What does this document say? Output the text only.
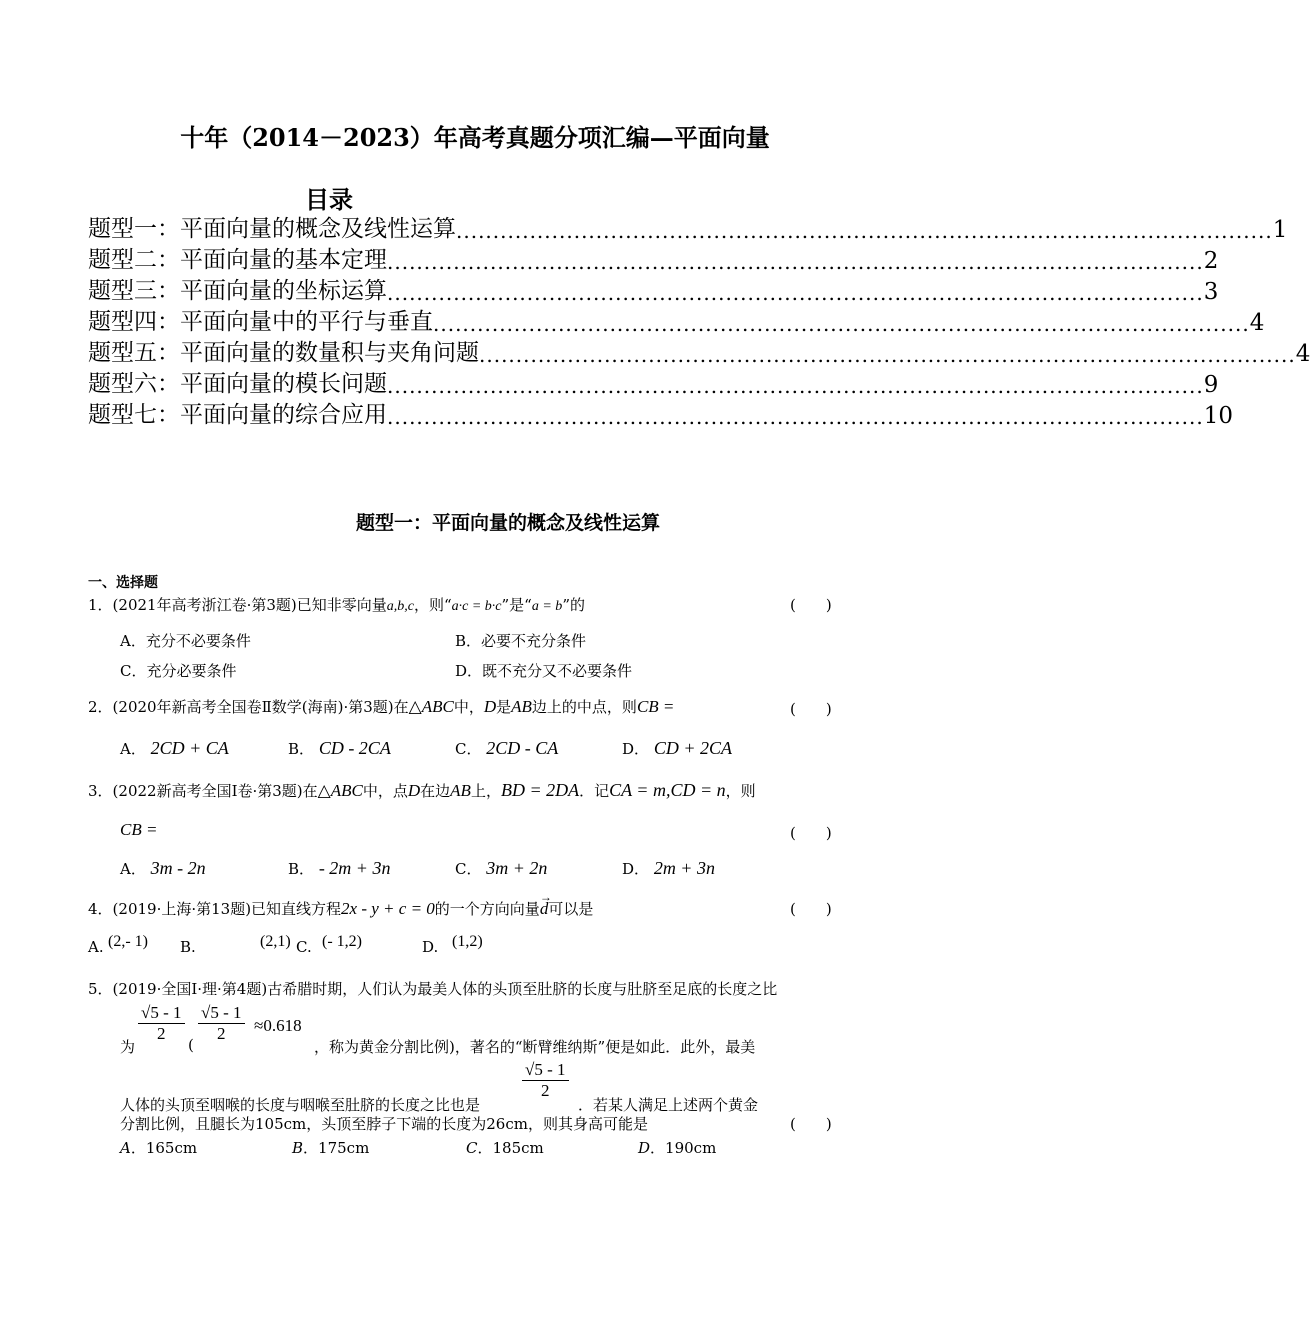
十年（2014－2023）年高考真题分项汇编—平面向量
目录
题型一：平面向量的概念及线性运算 ............................................................................................................... 1
题型二：平面向量的基本定理 ............................................................................................................... 2
题型三：平面向量的坐标运算 ............................................................................................................... 3
题型四：平面向量中的平行与垂直 ............................................................................................................... 4
题型五：平面向量的数量积与夹角问题 ............................................................................................................... 4
题型六：平面向量的模长问题 ............................................................................................................... 9
题型七：平面向量的综合应用 ............................................................................................................... 10
题型一：平面向量的概念及线性运算
一、选择题
1．(2021年高考浙江卷·第3题)已知非零向量a,b,c，则“a·c = b·c”是“a = b”的	(　　)
A．充分不必要条件	B．必要不充分条件
C．充分必要条件	D．既不充分又不必要条件
2．(2020年新高考全国卷Ⅱ数学(海南)·第3题)在△ABC中，D是AB边上的中点，则CB =	(　　)
A． 2CD + CA	B． CD - 2CA	C． 2CD - CA	D． CD + 2CA
3．(2022新高考全国I卷·第3题)在△ABC中，点D在边AB上，BD = 2DA．记CA = m,CD = n，则
CB =	(　　)
A． 3m - 2n	B． - 2m + 3n	C． 3m + 2n	D． 2m + 3n
4．(2019·上海·第13题)已知直线方程2x - y + c = 0的一个方向向量
→
d可以是	(　　)
A. (2,- 1) B.	(2,1) C. (- 1,2)	D. (1,2)
5．(2019·全国Ⅰ·理·第4题)古希腊时期，人们认为最美人体的头顶至肚脐的长度与肚脐至足底的长度之比
√5 - 1
2
√5 - 1
2	≈0.618
为	(	，称为黄金分割比例)，著名的“断臂维纳斯”便是如此．此外，最美
√5 - 1
2
人体的头顶至咽喉的长度与咽喉至肚脐的长度之比也是	．若某人满足上述两个黄金
分割比例，且腿长为105cm，头顶至脖子下端的长度为26cm，则其身高可能是	(　　)
A．165cm	B．175cm	C．185cm	D．190cm
